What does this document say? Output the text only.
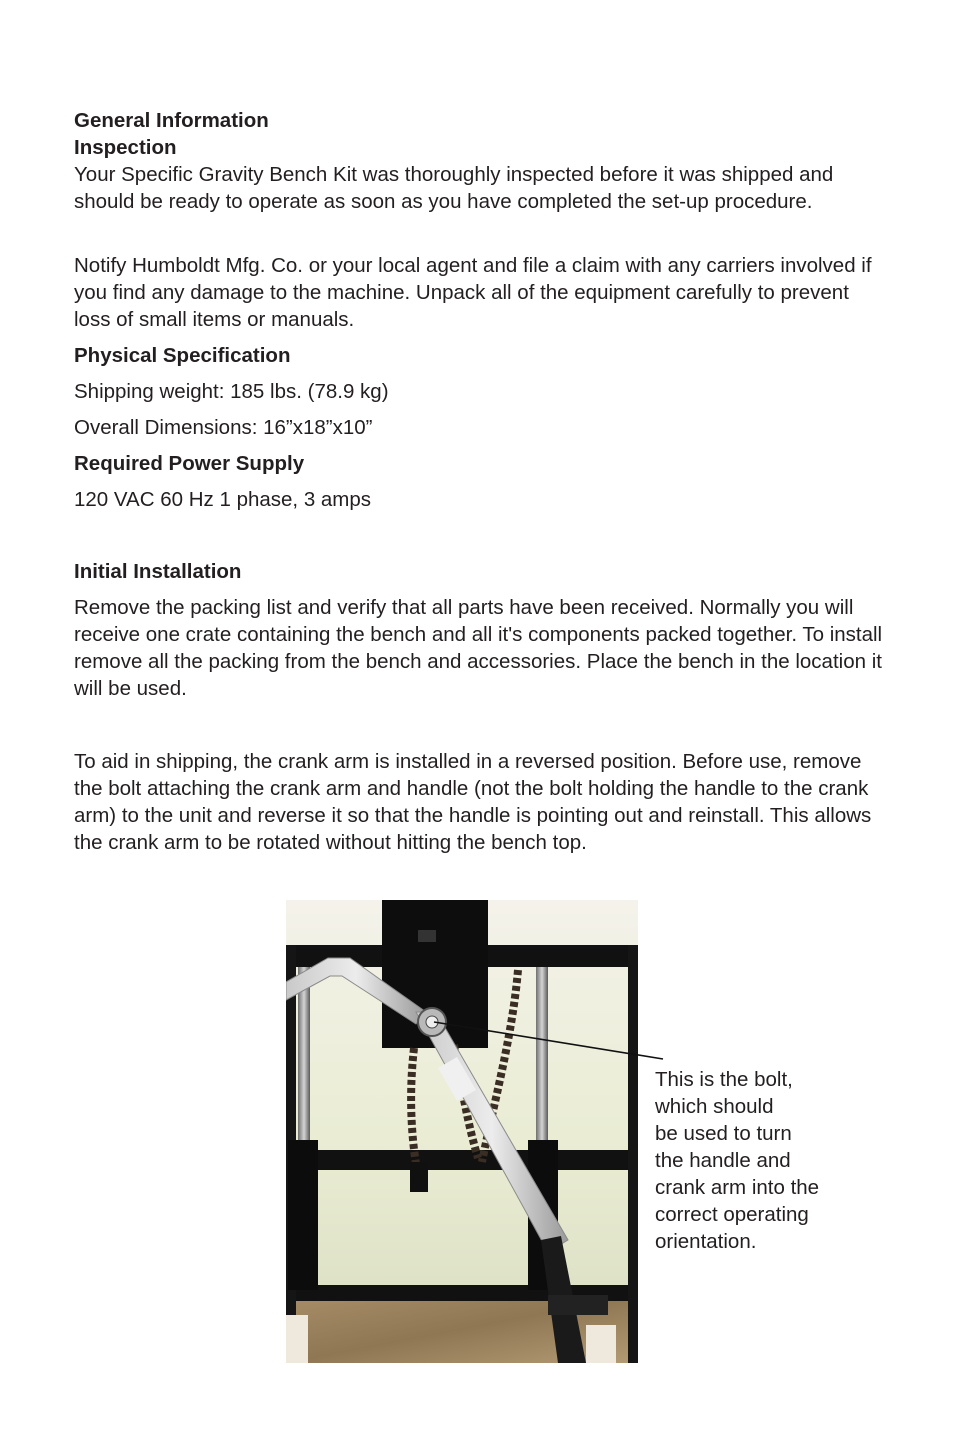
General Information
Inspection

Your Specific Gravity Bench Kit was thoroughly inspected before it was shipped and should be ready to operate as soon as you have completed the set-up procedure.

Notify Humboldt Mfg. Co. or your local agent and file a claim with any carriers involved if you find any damage to the machine. Unpack all of the equipment carefully to prevent loss of small items or manuals.

Physical Specification

Shipping weight: 185 lbs. (78.9 kg)

Overall Dimensions: 16”x18”x10”

Required Power Supply

120 VAC 60 Hz 1 phase, 3 amps

Initial Installation

Remove the packing list and verify that all parts have been received. Normally you will receive one crate containing the bench and all it's components packed together. To install remove all the packing from the bench and accessories. Place the bench in the location it will be used.

To aid in shipping, the crank arm is installed in a reversed position. Before use, remove the bolt attaching the crank arm and handle (not the bolt holding the handle to the crank arm) to the unit and reverse it so that the handle is pointing out and reinstall. This allows the crank arm to be rotated without hitting the bench top.

This is the bolt,
which should
be used to turn
the handle and
crank arm into the
correct operating
orientation.
